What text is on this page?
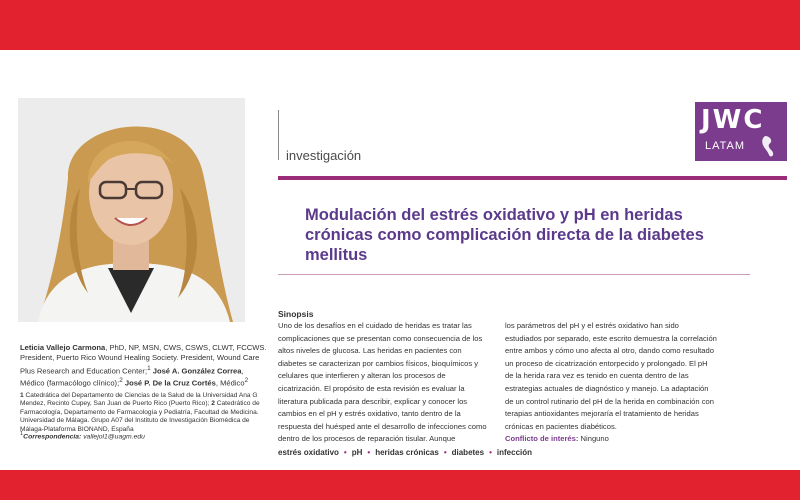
investigación
JWC
LATAM
Modulación del estrés oxidativo y pH en heridas crónicas como complicación directa de la diabetes mellitus
Sinopsis

Uno de los desafíos en el cuidado de heridas es tratar las complicaciones que se presentan como consecuencia de los altos niveles de glucosa. Las heridas en pacientes con diabetes se caracterizan por cambios físicos, bioquímicos y celulares que interfieren y alteran los procesos de cicatrización. El propósito de esta revisión es evaluar la literatura publicada para describir, explicar y conocer los cambios en el pH y estrés oxidativo, tanto dentro de la respuesta del huésped ante el desarrollo de infecciones como dentro de los procesos de reparación tisular. Aunque

los parámetros del pH y el estrés oxidativo han sido estudiados por separado, este escrito demuestra la correlación entre ambos y cómo uno afecta al otro, dando como resultado un proceso de cicatrización entorpecido y prolongado. El pH de la herida rara vez es tenido en cuenta dentro de las estrategias actuales de diagnóstico y manejo. La adaptación de un control rutinario del pH de la herida en combinación con terapias antioxidantes mejoraría el tratamiento de heridas crónicas en pacientes diabéticos.
Conflicto de interés: Ninguno

estrés oxidativo • pH • heridas crónicas • diabetes • infección

Leticia Vallejo Carmona, PhD, NP, MSN, CWS, CSWS, CLWT, FCCWS. President, Puerto Rico Wound Healing Society. President, Wound Care Plus Research and Education Center;$^1$ José A. González Correa, Médico (farmacólogo clínico);$^2$ José P. De la Cruz Cortés, Médico$^2$

1 Catedrática del Departamento de Ciencias de la Salud de la Universidad Ana G Mendez, Recinto Cupey, San Juan de Puerto Rico (Puerto Rico); 2 Catedrático de Farmacología, Departamento de Farmacología y Pediatría, Facultad de Medicina. Universidad de Málaga. Grupo A07 del Instituto de Investigación Biomédica de Málaga-Plataforma BIONAND, España

$^1$Correspondencia: vallejol1@uagm.edu
